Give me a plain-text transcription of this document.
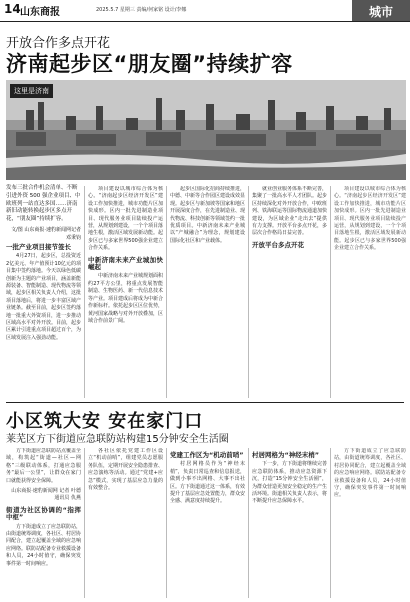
14 山东商报	2025.5.7 星期三 责编/何家铭 设计/李娜	城市
开放合作多点开花
济南起步区“朋友圈”持续扩容
这里是济南
发布三批合作机会清单、不断引进外资 500 强企业项目、中欧班列一站直达多国……济南新旧动能转换起步区多点开花，“朋友圈”持续扩容。
文/图 山东商报·速豹新闻网记者 邓秉钧
一批产业项目接节签长

4月27日，起步区，总投资近2亿美元、年产值预计10亿元的项目集中签约落地。今天以绿色低碳创新为主题的产业项目，涵盖新能源装备、智能制造、现代物流等领域，起步区相关负责人介绍，这批项目落地后，将进一步丰富区域产业链条。截至目前，起步区签约落地一批重大外资项目，进一步推动区域高水平对外开放。目前，起步区累计引进重点项目超过百个，为区域发展注入强劲动能。

项目建设以城市综合体为核心。“济南起步区经济开发区”建设工作加快推进，城市功能片区加快成形。区内一批先进制造业项目、现代服务业项目陆续投产运营，从规划到建设，一个个项目落地生根，激活区域发展新动能。起步区已与多家世界500强企业建立合作关系。

中新济南未来产业城加快崛起

中新济南未来产业城规划面积约27平方公里，将重点发展智能制造、生物医药、新一代信息技术等产业。项目建成后将成为中新合作新标杆。依托起步区区位优势，黄河国家战略与对外开放叠加，区域合作前景广阔。

起步区国际化招商持续推进，中德、中新等合作园区建设成效显现。起步区与新加坡等国家和地区开展深度合作，在先进制造业、现代物流、科技创新等领域签约一批优质项目。中新济南未来产业城以“产城融合”为理念，规划建设国际化社区和产业载体。

就业创业服务体系不断完善，集聚了一批高水平人才团队。起步区持续深化对外开放合作，中欧班列、铁海联运等国际物流通道加快建设，为区域企业“走出去”提供有力支撑。开放平台多点开花，多层次合作格局日益完善。

开放平台多点开花

项目建设以城市综合体为核心。“济南起步区经济开发区”建设工作加快推进，城市功能片区加快成形。区内一批先进制造业项目、现代服务业项目陆续投产运营，从规划到建设，一个个项目落地生根，激活区域发展新动能。起步区已与多家世界500强企业建立合作关系。

小区筑大安 安在家门口
莱芜区方下街道应急联防站构建15分钟安全生活圈

方下街道应急联防站点覆盖全域，构筑起“街道—社区—网格”三级联动体系，打通应急服务“最后一公里”，让群众在家门口就能获得安全保障。

山东商报·速豹新闻网 记者 叶德 通讯员 仇燕
街道为社区协调的“指挥中枢”

方下街道成立了应急联防站，由街道统筹调度，各社区、村居协同配合，建立起覆盖全域的应急响应网络。联防站配备专业救援设备和人员，24小时值守，确保突发事件第一时间响应。

各社区依托党建工作区设立“机动前哨”，组建党员志愿服务队伍，定期开展安全隐患排查、应急演练等活动。通过“党建+应急”模式，实现了基层应急力量的有效整合。

党建工作区为“机动前哨”

村居网格员作为“神经末梢”，负责日常巡查和信息报送，做到小事不出网格、大事不出社区。方下街道通过这一体系，有效提升了基层应急处置能力，群众安全感、满意度持续提升。

村居网格为“神经末梢”

下一步，方下街道将继续完善应急联防体系，推动应急资源下沉，打造“15分钟安全生活圈”，为群众营造更加安全稳定的生产生活环境。街道相关负责人表示，将不断提升应急保障水平。

方下街道成立了应急联防站，由街道统筹调度，各社区、村居协同配合，建立起覆盖全域的应急响应网络。联防站配备专业救援设备和人员，24小时值守，确保突发事件第一时间响应。
